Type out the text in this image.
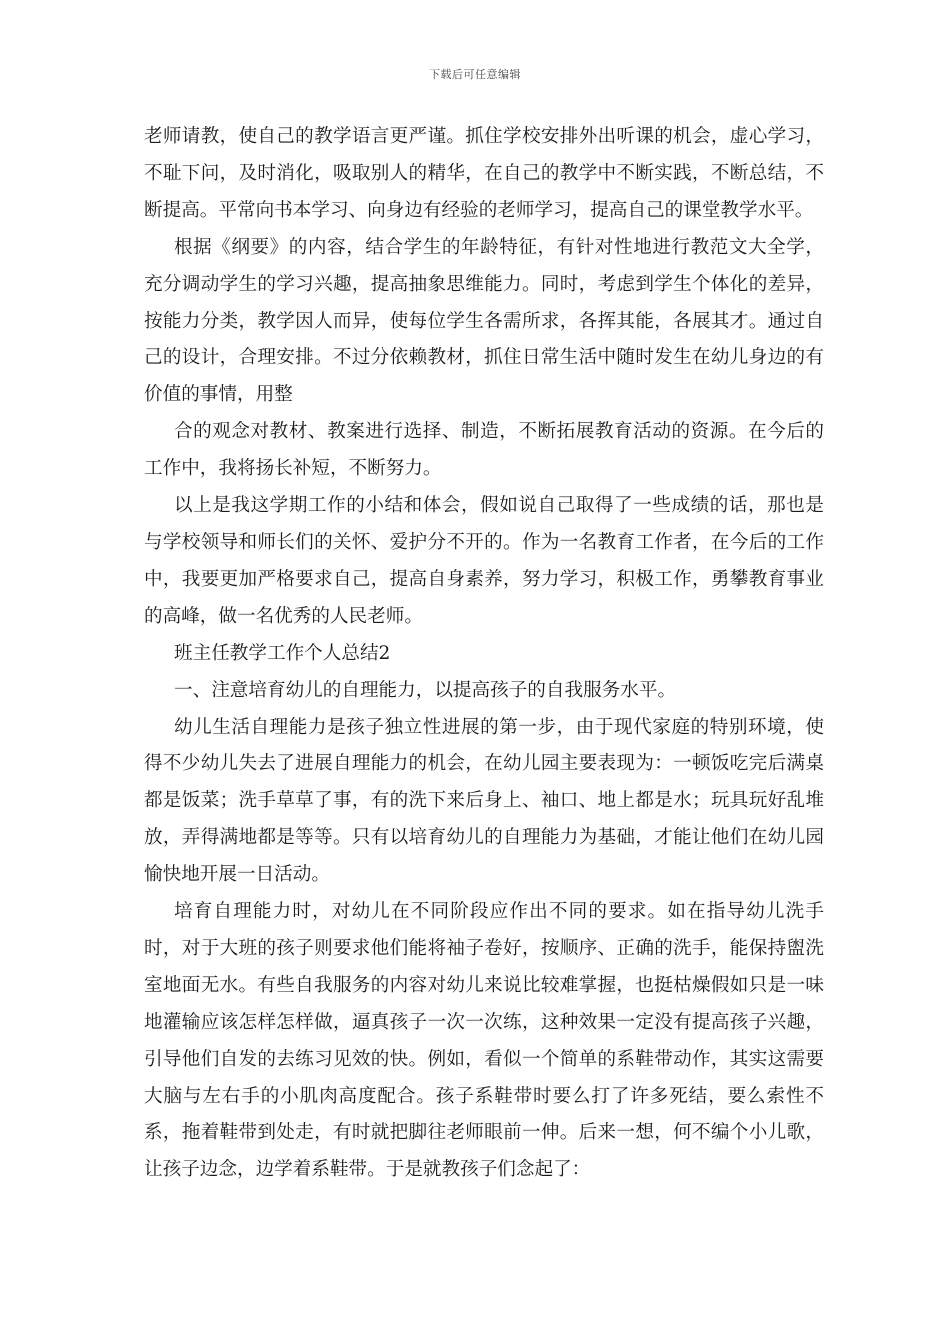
下载后可任意编辑

老师请教，使自己的教学语言更严谨。抓住学校安排外出听课的机会，虚心学习，不耻下问，及时消化，吸取别人的精华，在自己的教学中不断实践，不断总结，不断提高。平常向书本学习、向身边有经验的老师学习，提高自己的课堂教学水平。

根据《纲要》的内容，结合学生的年龄特征，有针对性地进行教范文大全学，充分调动学生的学习兴趣，提高抽象思维能力。同时，考虑到学生个体化的差异，按能力分类，教学因人而异，使每位学生各需所求，各挥其能，各展其才。通过自己的设计，合理安排。不过分依赖教材，抓住日常生活中随时发生在幼儿身边的有价值的事情，用整

合的观念对教材、教案进行选择、制造，不断拓展教育活动的资源。在今后的工作中，我将扬长补短，不断努力。

以上是我这学期工作的小结和体会，假如说自己取得了一些成绩的话，那也是与学校领导和师长们的关怀、爱护分不开的。作为一名教育工作者，在今后的工作中，我要更加严格要求自己，提高自身素养，努力学习，积极工作，勇攀教育事业的高峰，做一名优秀的人民老师。

班主任教学工作个人总结2

一、注意培育幼儿的自理能力，以提高孩子的自我服务水平。

幼儿生活自理能力是孩子独立性进展的第一步，由于现代家庭的特别环境，使得不少幼儿失去了进展自理能力的机会，在幼儿园主要表现为：一顿饭吃完后满桌都是饭菜；洗手草草了事，有的洗下来后身上、袖口、地上都是水；玩具玩好乱堆放，弄得满地都是等等。只有以培育幼儿的自理能力为基础，才能让他们在幼儿园愉快地开展一日活动。

培育自理能力时，对幼儿在不同阶段应作出不同的要求。如在指导幼儿洗手时，对于大班的孩子则要求他们能将袖子卷好，按顺序、正确的洗手，能保持盥洗室地面无水。有些自我服务的内容对幼儿来说比较难掌握，也挺枯燥假如只是一味地灌输应该怎样怎样做，逼真孩子一次一次练，这种效果一定没有提高孩子兴趣，引导他们自发的去练习见效的快。例如，看似一个简单的系鞋带动作，其实这需要大脑与左右手的小肌肉高度配合。孩子系鞋带时要么打了许多死结，要么索性不系，拖着鞋带到处走，有时就把脚往老师眼前一伸。后来一想，何不编个小儿歌，让孩子边念，边学着系鞋带。于是就教孩子们念起了：
